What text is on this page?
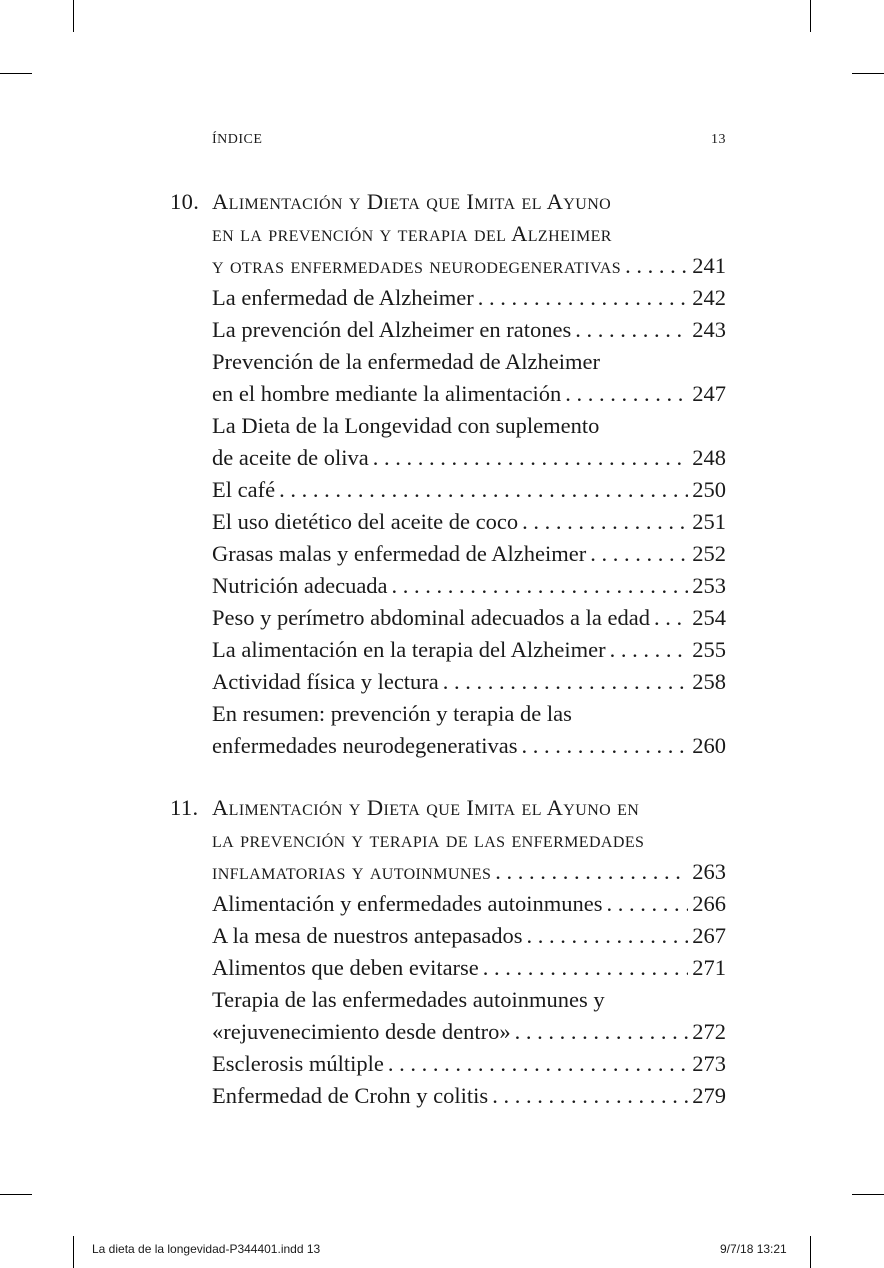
ÍNDICE	13
10. Alimentación y Dieta que Imita el Ayuno
en la prevención y terapia del Alzheimer
y otras enfermedades neurodegenerativas . . .	241
La enfermedad de Alzheimer . . .	242
La prevención del Alzheimer en ratones . . .	243
Prevención de la enfermedad de Alzheimer
en el hombre mediante la alimentación . . .	247
La Dieta de la Longevidad con suplemento
de aceite de oliva . . .	248
El café . . .	250
El uso dietético del aceite de coco . . .	251
Grasas malas y enfermedad de Alzheimer . . .	252
Nutrición adecuada . . .	253
Peso y perímetro abdominal adecuados a la edad . . . 254
La alimentación en la terapia del Alzheimer . . .	255
Actividad física y lectura . . .	258
En resumen: prevención y terapia de las
enfermedades neurodegenerativas . . .	260
11. Alimentación y Dieta que Imita el Ayuno en
la prevención y terapia de las enfermedades
inflamatorias y autoinmunes . . .	263
Alimentación y enfermedades autoinmunes . . .	266
A la mesa de nuestros antepasados . . .	267
Alimentos que deben evitarse . . .	271
Terapia de las enfermedades autoinmunes y
«rejuvenecimiento desde dentro» . . .	272
Esclerosis múltiple . . .	273
Enfermedad de Crohn y colitis . . .	279
La dieta de la longevidad-P344401.indd 13	9/7/18 13:21
